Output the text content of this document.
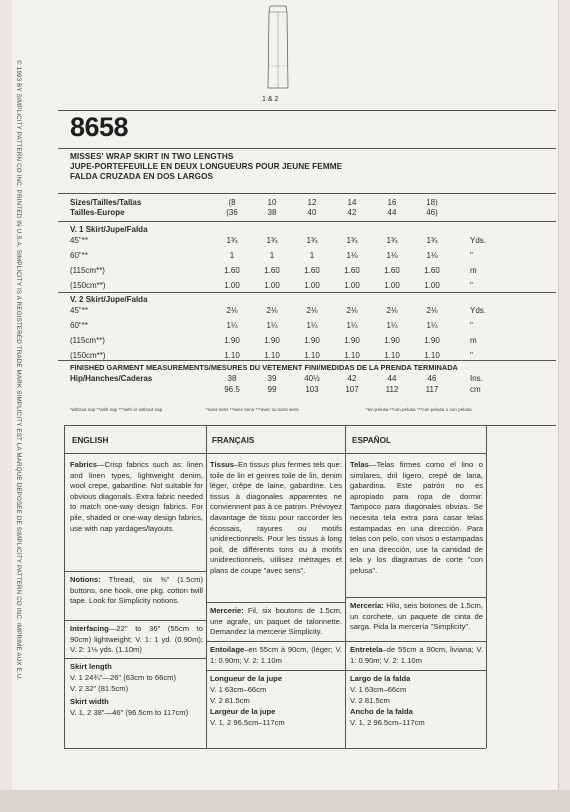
© 1993 BY SIMPLICITY PATTERN CO INC. PRINTED IN U.S.A. SIMPLICITY IS A REGISTERED TRADE MARK SIMPLICITY EST LA MARQUE DEPOSEE DE SIMPLICITY PATTERN CO INC. IMPRIME AUX E.U.	1 & 2
8658
MISSES' WRAP SKIRT IN TWO LENGTHS
JUPE-PORTEFEUILLE EN DEUX LONGUEURS POUR JEUNE FEMME
FALDA CRUZADA EN DOS LARGOS
Sizes/Tailles/Tallas
Tailles-Europe
(8	10	12	14	16	18)
(36	38	40	42	44	46)
V. 1 Skirt/Jupe/Falda
45"**	1¾	1¾	1¾	1¾	1¾	1¾	Yds.
60"**	1	1	1	1⅛	1⅛	1⅛	"
(115cm**)	1.60	1.60	1.60	1.60	1.60	1.60	m
(150cm**)	1.00	1.00	1.00	1.00	1.00	1.00	"
V. 2 Skirt/Jupe/Falda
45"**	2⅛	2⅛	2⅛	2⅛	2⅛	2⅛	Yds.
60"**	1¼	1¼	1¼	1¼	1¼	1¼	"
(115cm**)	1.90	1.90	1.90	1.90	1.90	1.90	m
(150cm**)	1.10	1.10	1.10	1.10	1.10	1.10	"
FINISHED GARMENT MEASUREMENTS/MESURES DU VETEMENT FINI/MEDIDAS DE LA PRENDA TERMINADA
Hip/Hanches/Caderas	38	39	40½	42	44	46	Ins.
96.5	99	103	107	112	117	cm
*without nap **with nap ***with or without nap	*sans sens **avec sens ***avec ou sans sens	*sin pelusa **con pelusa ***con pelusa o con pelusa
ENGLISH	FRANÇAIS	ESPAÑOL
Fabrics—Crisp fabrics such as: linen and linen types, lightweight denim, wool crepe, gabardine. Not suitable for obvious diagonals. Extra fabric needed to match one-way design fabrics. For pile, shaded or one-way design fabrics, use with nap yardages/layouts.
Notions: Thread, six ⅝" (1.5cm) buttons, one hook, one pkg. cotton twill tape. Look for Simplicity notions.
Interfacing—22" to 36" (55cm to 90cm) lightweight: V. 1: 1 yd. (0.90m); V. 2: 1⅛ yds. (1.10m)
Skirt length
V. 1 24¾"—26" (63cm to 66cm)
V. 2 32" (81.5cm)
Skirt width
V. 1, 2 38"—46" (96.5cm to 117cm)
Tissus–En tissus plus fermes tels que: toile de lin et genres toile de lin, denim léger, crêpe de laine, gabardine. Les tissus à diagonales apparentes ne conviennent pas à ce patron. Prévoyez davantage de tissu pour raccorder les écossais, rayures ou motifs unidirectionnels. Pour les tissus à long poil, de différents tons ou à motifs unidirectionnels, utilisez métrages et plans de coupe "avec sens".
Mercerie: Fil, six boutons de 1.5cm, une agrafe, un paquet de talonnette. Demandez la mercerie Simplicity.
Entoilage–en 55cm à 90cm, (léger; V. 1: 0.90m; V. 2: 1.10m
Longueur de la jupe
V. 1 63cm–66cm
V. 2 81.5cm
Largeur de la jupe
V. 1, 2 96.5cm–117cm
Telas—Telas firmes como el lino o similares, dril ligero, crepé de lana, gabardina. Este patrón no es apropiado para ropa de dormir. Tampoco para diagonales obvias. Se necesita tela extra para casar telas estampadas en una dirección. Para telas con pelo, con visos o estampadas en una dirección, use la cantidad de tela y los diagramas de corte "con pelusa".
Mercería: Hilo, seis botones de 1.5cm, un corchete, un paquete de cinta de sarga. Pida la mercería "Simplicity".
Entretela–de 55cm a 90cm, liviana; V. 1: 0.90m; V. 2: 1.10m
Largo de la falda
V. 1 63cm–66cm
V. 2 81.5cm
Ancho de la falda
V. 1, 2 96.5cm–117cm
